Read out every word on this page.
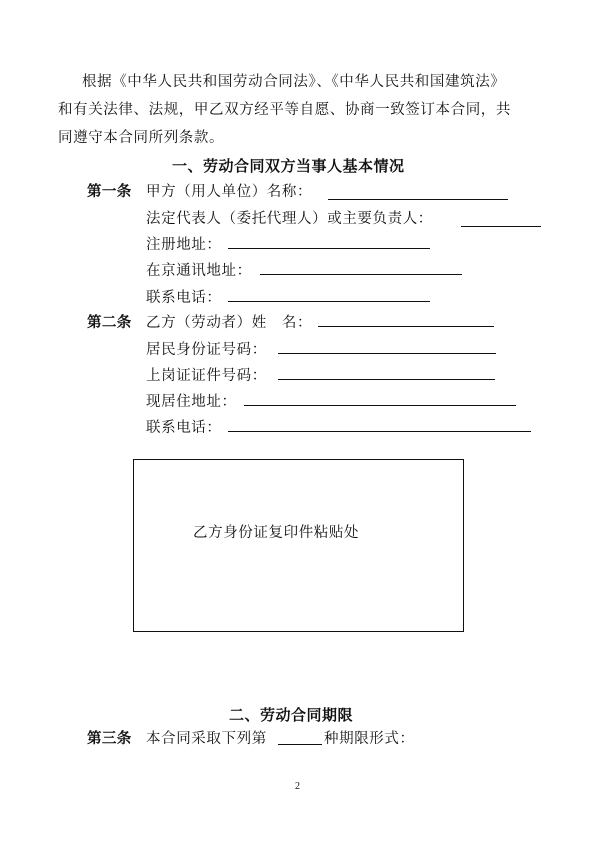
根据《中华人民共和国劳动合同法》、《中华人民共和国建筑法》
和有关法律、法规，甲乙双方经平等自愿、协商一致签订本合同，共
同遵守本合同所列条款。
一、劳动合同双方当事人基本情况
第一条 甲方（用人单位）名称：
法定代表人（委托代理人）或主要负责人：
注册地址：
在京通讯地址：
联系电话：
第二条 乙方（劳动者）姓　名：
居民身份证号码：
上岗证证件号码：
现居住地址：
联系电话：
乙方身份证复印件粘贴处
二、劳动合同期限
第三条 本合同采取下列第	种期限形式：
2
